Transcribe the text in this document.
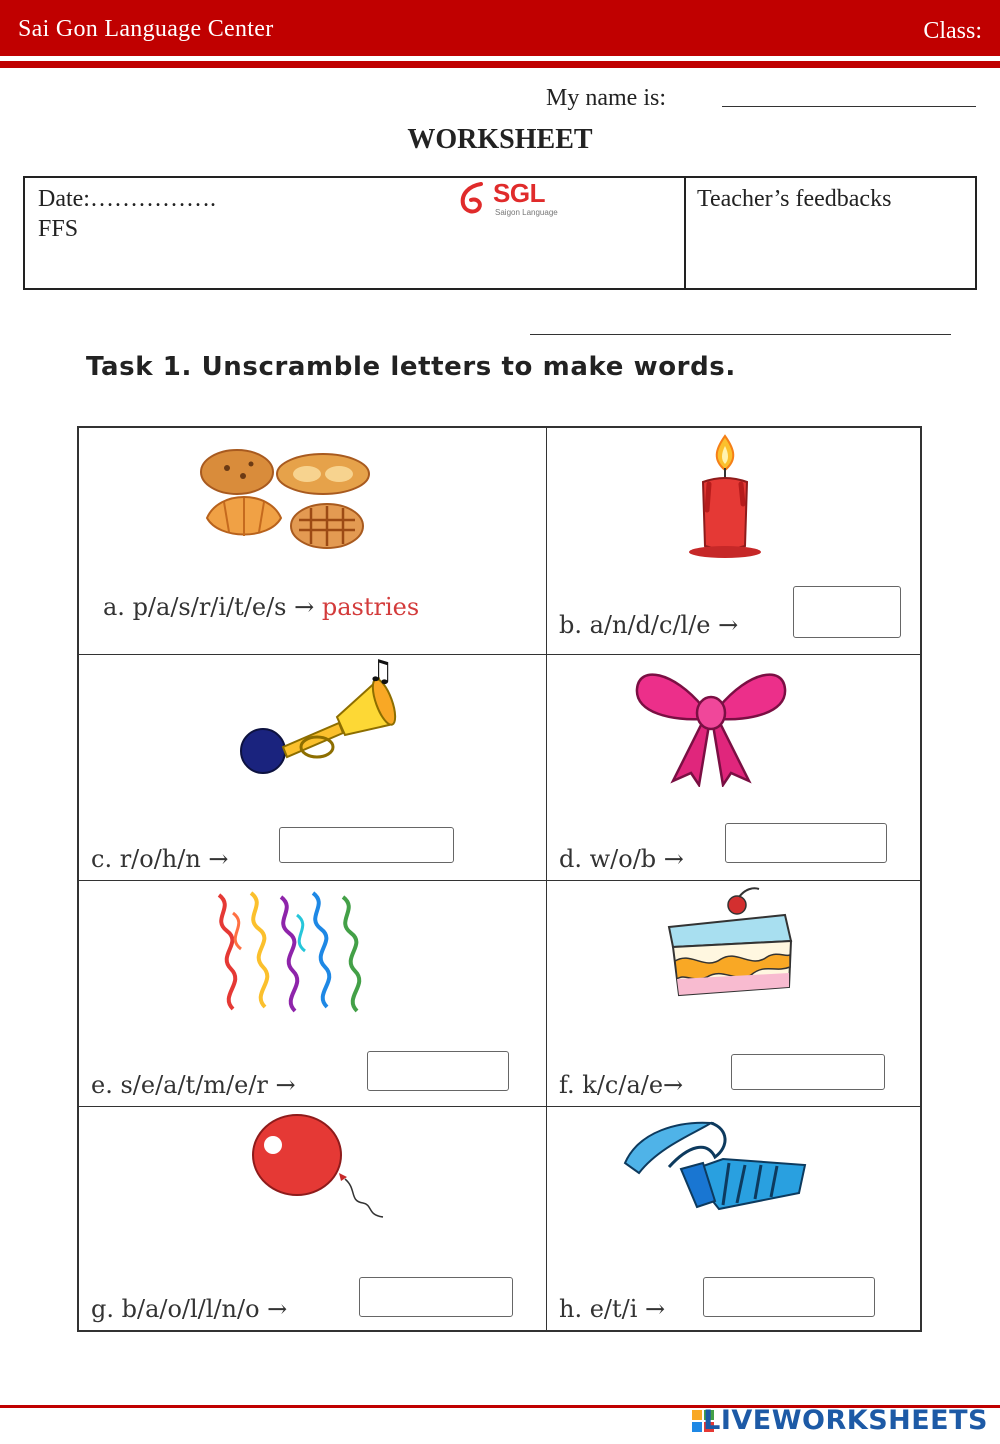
Sai Gon Language Center	Class:
My name is:
WORKSHEET
Date:…………….
FFS
SGL
Saigon Language
Teacher’s feedbacks
Task 1. Unscramble letters to make words.
a. p/a/s/r/i/t/e/s → pastries
b. a/n/d/c/l/e →
♫
c. r/o/h/n →	d. w/o/b →
e. s/e/a/t/m/e/r →	f. k/c/a/e→
g. b/a/o/l/l/n/o →	h. e/t/i →
LIVEWORKSHEETS
